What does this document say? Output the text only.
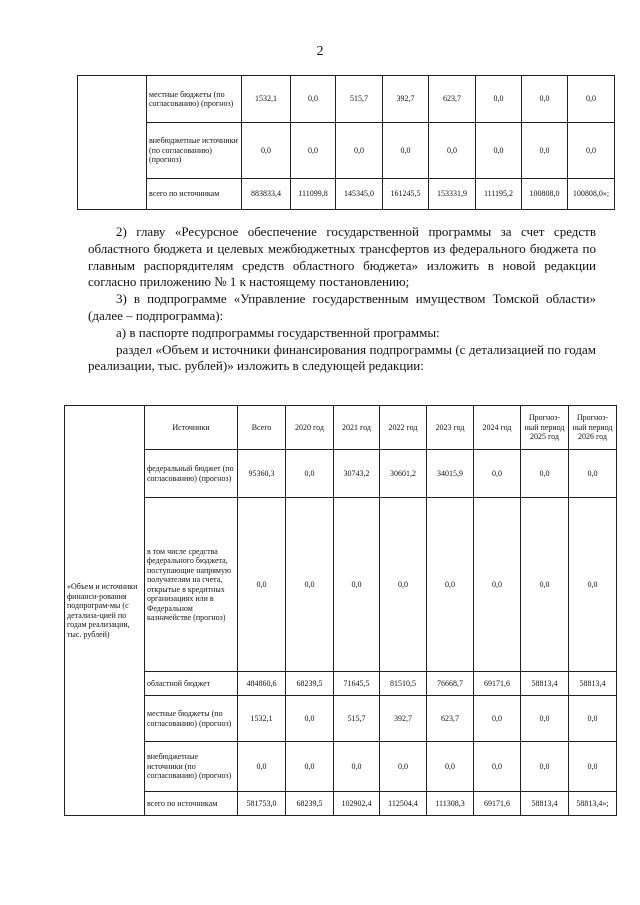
2
	местные бюджеты (по согласованию) (прогноз)	1532,1	0,0	515,7	392,7	623,7	0,0	0,0	0,0
	внебюджетные источники (по согласованию) (прогноз)	0,0	0,0	0,0	0,0	0,0	0,0	0,0	0,0
	всего по источникам	883833,4	111099,8	145345,0	161245,5	153331,9	111195,2	100808,0	100808,0»;

2) главу «Ресурсное обеспечение государственной программы за счет средств областного бюджета и целевых межбюджетных трансфертов из федерального бюджета по главным распорядителям средств областного бюджета» изложить в новой редакции согласно приложению № 1 к настоящему постановлению;

3) в подпрограмме «Управление государственным имуществом Томской области» (далее – подпрограмма):

а) в паспорте подпрограммы государственной программы:

раздел «Объем и источники финансирования подпрограммы (с детализацией по годам реализации, тыс. рублей)» изложить в следующей редакции:

«Объем и источники финанси-рования подпрограм-мы (с детализа-цией по годам реализации, тыс. рублей)	Источники	Всего	2020 год	2021 год	2022 год	2023 год	2024 год	Прогноз-ный период 2025 год	Прогноз-ный период 2026 год
	федеральный бюджет (по согласованию) (прогноз)	95360,3	0,0	30743,2	30601,2	34015,9	0,0	0,0	0,0
	в том числе средства федерального бюджета, поступающие напрямую получателям на счета, открытые в кредитных организациях или в Федеральном казначействе (прогноз)	0,0	0,0	0,0	0,0	0,0	0,0	0,0	0,0
	областной бюджет	484860,6	68239,5	71645,5	81510,5	76668,7	69171,6	58813,4	58813,4
	местные бюджеты (по согласованию) (прогноз)	1532,1	0,0	515,7	392,7	623,7	0,0	0,0	0,0
	внебюджетные источники (по согласованию) (прогноз)	0,0	0,0	0,0	0,0	0,0	0,0	0,0	0,0
	всего по источникам	581753,0	68239,5	102902,4	112504,4	111308,3	69171,6	58813,4	58813,4»;
